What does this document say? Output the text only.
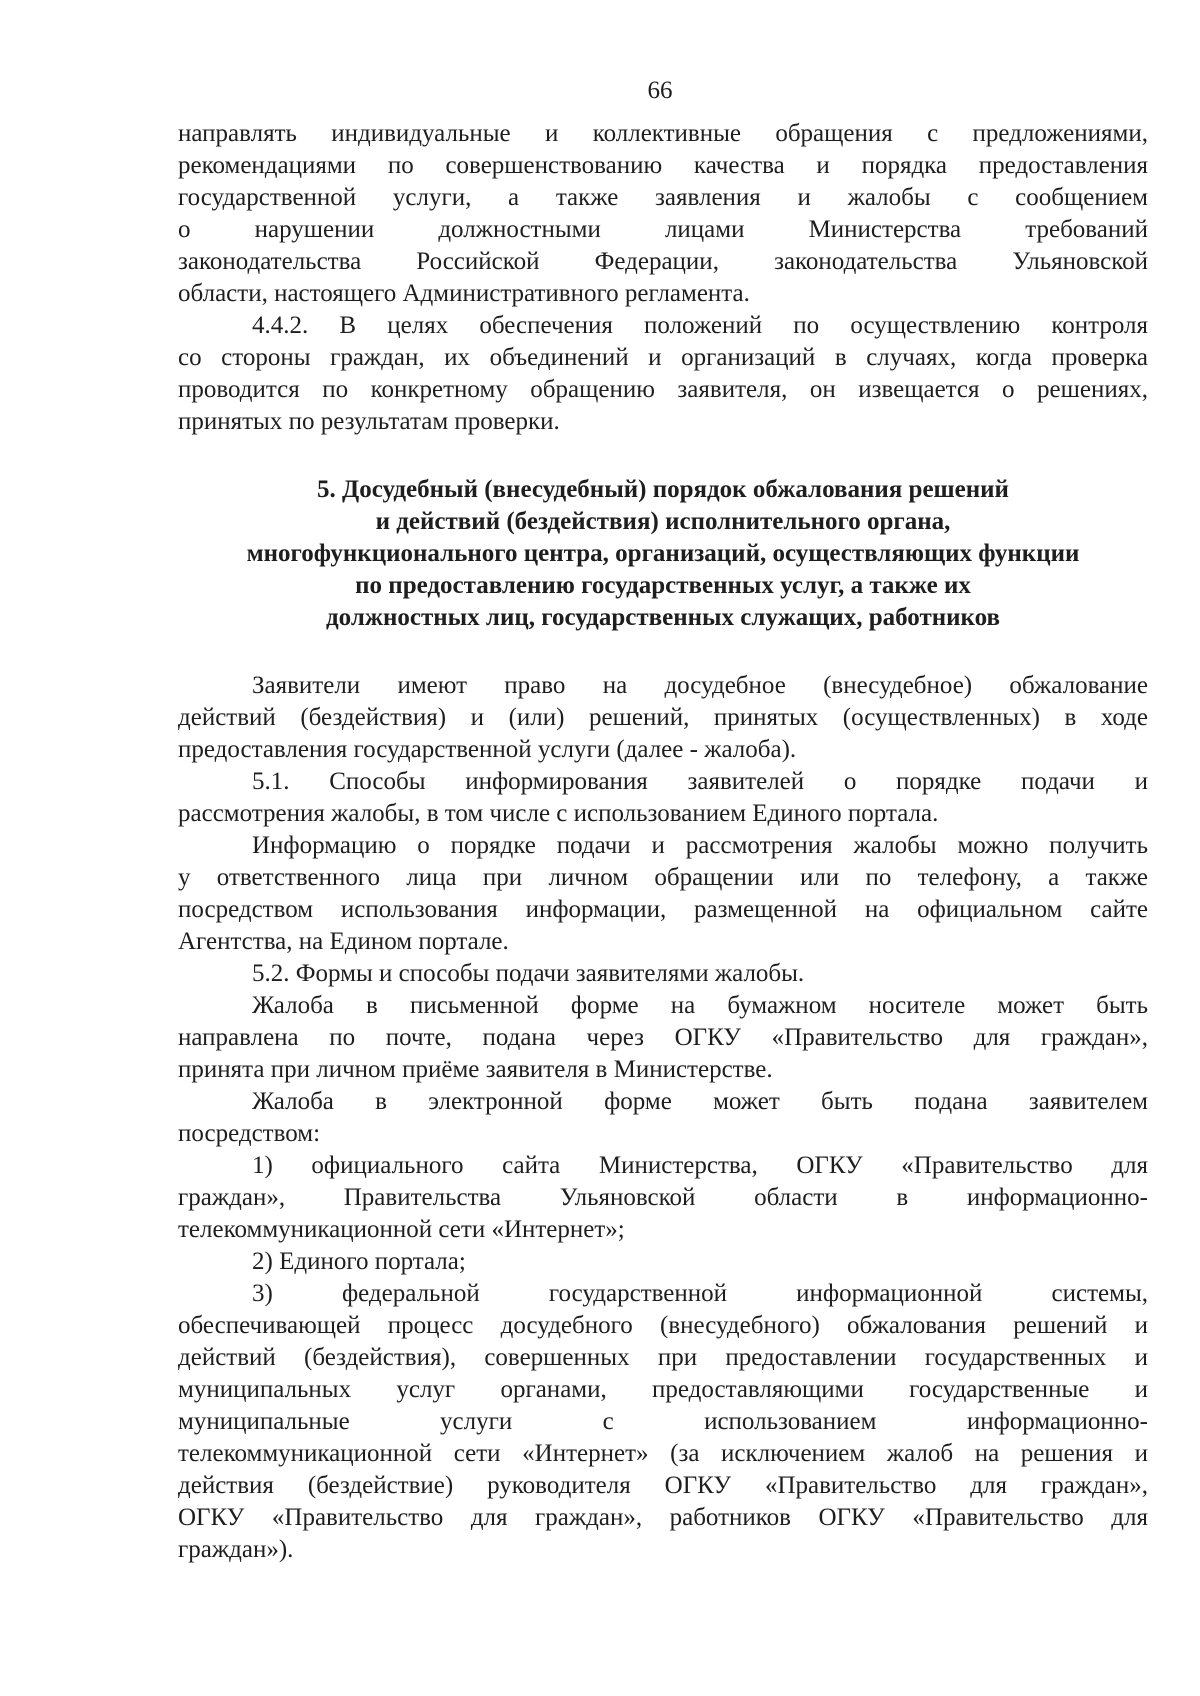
66

направлять индивидуальные и коллективные обращения с предложениями,
рекомендациями по совершенствованию качества и порядка предоставления
государственной услуги, а также заявления и жалобы с сообщением
о нарушении должностными лицами Министерства требований
законодательства Российской Федерации, законодательства Ульяновской
области, настоящего Административного регламента.

4.4.2. В целях обеспечения положений по осуществлению контроля
со стороны граждан, их объединений и организаций в случаях, когда проверка
проводится по конкретному обращению заявителя, он извещается о решениях,
принятых по результатам проверки.

5. Досудебный (внесудебный) порядок обжалования решений
и действий (бездействия) исполнительного органа,
многофункционального центра, организаций, осуществляющих функции
по предоставлению государственных услуг, а также их
должностных лиц, государственных служащих, работников

Заявители имеют право на досудебное (внесудебное) обжалование
действий (бездействия) и (или) решений, принятых (осуществленных) в ходе
предоставления государственной услуги (далее - жалоба).

5.1. Способы информирования заявителей о порядке подачи и
рассмотрения жалобы, в том числе с использованием Единого портала.

Информацию о порядке подачи и рассмотрения жалобы можно получить
у ответственного лица при личном обращении или по телефону, а также
посредством использования информации, размещенной на официальном сайте
Агентства, на Едином портале.

5.2. Формы и способы подачи заявителями жалобы.

Жалоба в письменной форме на бумажном носителе может быть
направлена по почте, подана через ОГКУ «Правительство для граждан»,
принята при личном приёме заявителя в Министерстве.

Жалоба в электронной форме может быть подана заявителем
посредством:

1) официального сайта Министерства, ОГКУ «Правительство для
граждан», Правительства Ульяновской области в информационно-
телекоммуникационной сети «Интернет»;

2) Единого портала;

3) федеральной государственной информационной системы,
обеспечивающей процесс досудебного (внесудебного) обжалования решений и
действий (бездействия), совершенных при предоставлении государственных и
муниципальных услуг органами, предоставляющими государственные и
муниципальные услуги с использованием информационно-
телекоммуникационной сети «Интернет» (за исключением жалоб на решения и
действия (бездействие) руководителя ОГКУ «Правительство для граждан»,
ОГКУ «Правительство для граждан», работников ОГКУ «Правительство для
граждан»).
